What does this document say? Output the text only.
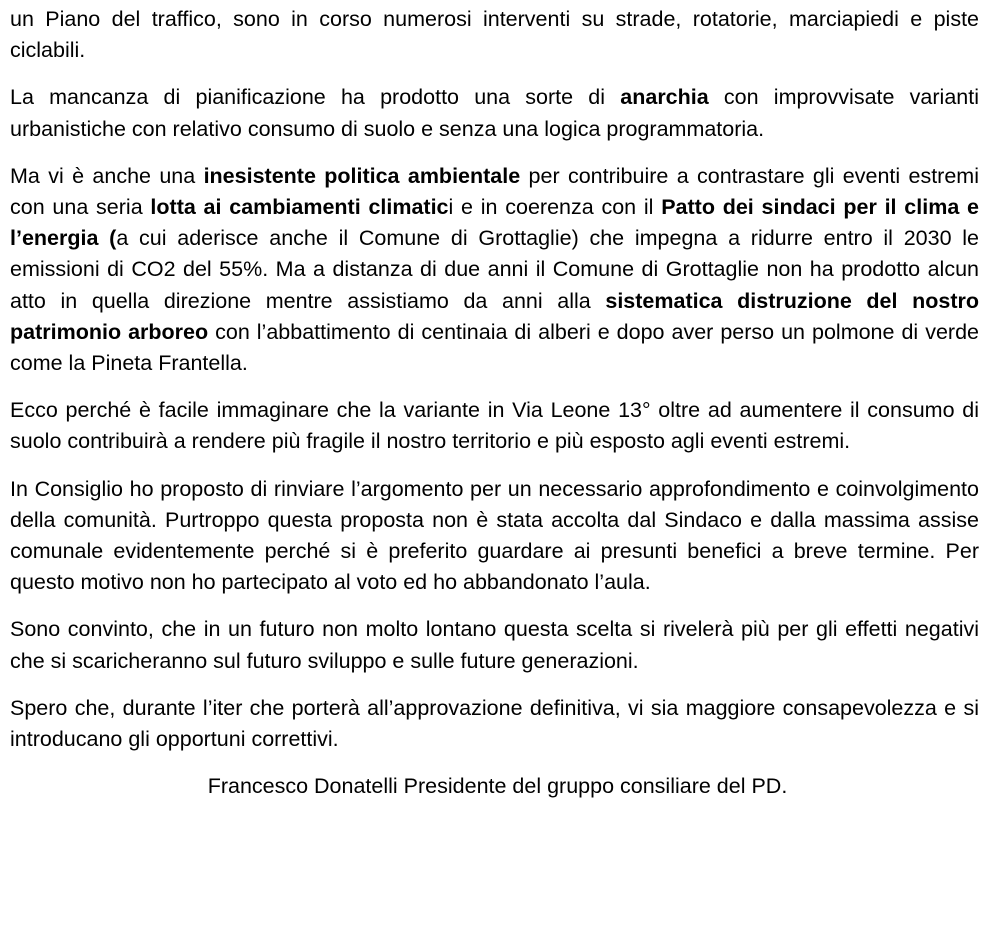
un Piano del traffico, sono in corso numerosi interventi su strade, rotatorie, marciapiedi e piste ciclabili.

La mancanza di pianificazione ha prodotto una sorte di anarchia con improvvisate varianti urbanistiche con relativo consumo di suolo e senza una logica programmatoria.

Ma vi è anche una inesistente politica ambientale per contribuire a contrastare gli eventi estremi con una seria lotta ai cambiamenti climatici e in coerenza con il Patto dei sindaci per il clima e l’energia (a cui aderisce anche il Comune di Grottaglie) che impegna a ridurre entro il 2030 le emissioni di CO2 del 55%. Ma a distanza di due anni il Comune di Grottaglie non ha prodotto alcun atto in quella direzione mentre assistiamo da anni alla sistematica distruzione del nostro patrimonio arboreo con l’abbattimento di centinaia di alberi e dopo aver perso un polmone di verde come la Pineta Frantella.

Ecco perché è facile immaginare che la variante in Via Leone 13° oltre ad aumentere il consumo di suolo contribuirà a rendere più fragile il nostro territorio e più esposto agli eventi estremi.

In Consiglio ho proposto di rinviare l’argomento per un necessario approfondimento e coinvolgimento della comunità. Purtroppo questa proposta non è stata accolta dal Sindaco e dalla massima assise comunale evidentemente perché si è preferito guardare ai presunti benefici a breve termine. Per questo motivo non ho partecipato al voto ed ho abbandonato l’aula.

Sono convinto, che in un futuro non molto lontano questa scelta si rivelerà più per gli effetti negativi che si scaricheranno sul futuro sviluppo e sulle future generazioni.

Spero che, durante l’iter che porterà all’approvazione definitiva, vi sia maggiore consapevolezza e si introducano gli opportuni correttivi.

Francesco Donatelli Presidente del gruppo consiliare del PD.
